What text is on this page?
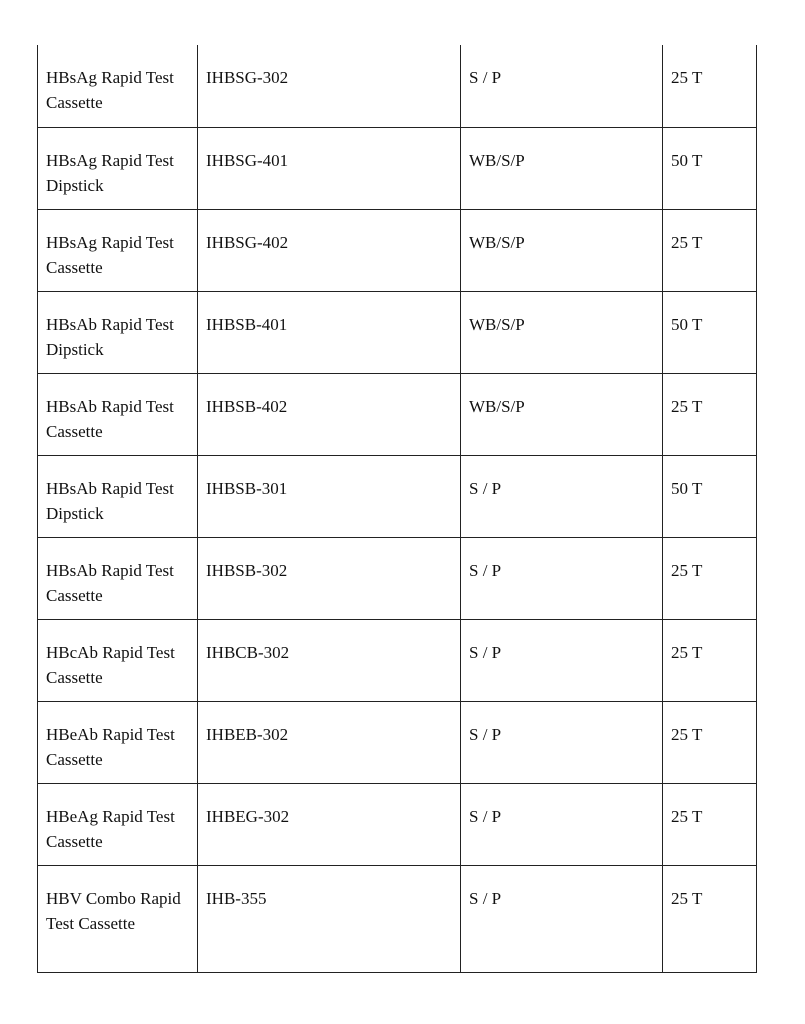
HBsAg Rapid Test Cassette	IHBSG-302	S / P	25 T
HBsAg Rapid Test Dipstick	IHBSG-401	WB/S/P	50 T
HBsAg Rapid Test Cassette	IHBSG-402	WB/S/P	25 T
HBsAb Rapid Test Dipstick	IHBSB-401	WB/S/P	50 T
HBsAb Rapid Test Cassette	IHBSB-402	WB/S/P	25 T
HBsAb Rapid Test Dipstick	IHBSB-301	S / P	50 T
HBsAb Rapid Test Cassette	IHBSB-302	S / P	25 T
HBcAb Rapid Test Cassette	IHBCB-302	S / P	25 T
HBeAb Rapid Test Cassette	IHBEB-302	S / P	25 T
HBeAg Rapid Test Cassette	IHBEG-302	S / P	25 T
HBV Combo Rapid Test Cassette	IHB-355	S / P	25 T
